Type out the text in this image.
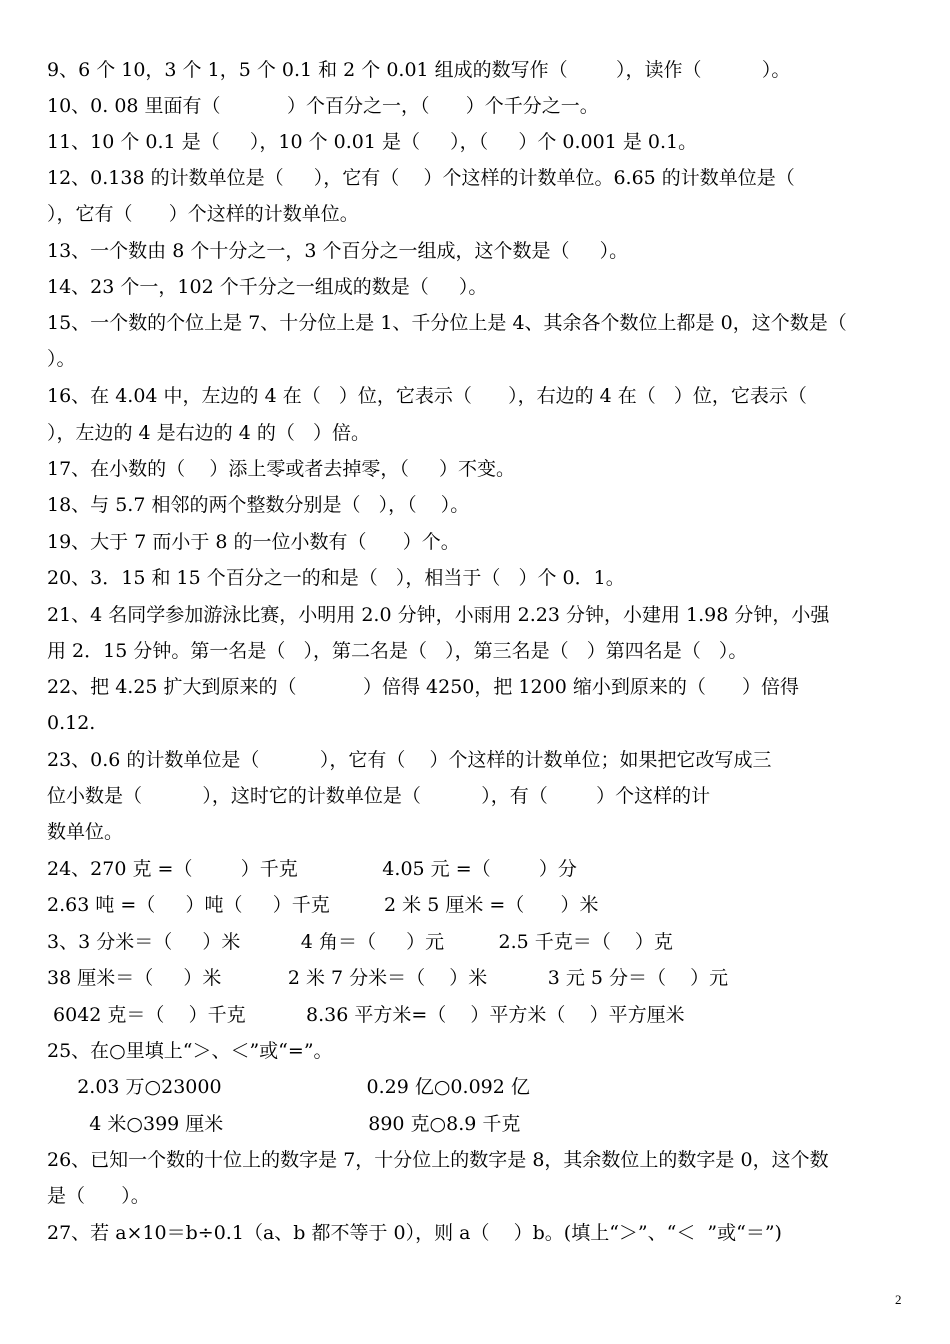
9、6 个 10，3 个 1，5 个 0.1 和 2 个 0.01 组成的数写作（        ），读作（          ）。
10、0. 08 里面有（           ）个百分之一，（      ）个千分之一。
11、10 个 0.1 是（     ），10 个 0.01 是（     ），（     ）个 0.001 是 0.1。
12、0.138 的计数单位是（     ），它有（    ）个这样的计数单位。6.65 的计数单位是（
），它有（      ）个这样的计数单位。
13、一个数由 8 个十分之一，3 个百分之一组成，这个数是（     ）。
14、23 个一，102 个千分之一组成的数是（     ）。
15、一个数的个位上是 7、十分位上是 1、千分位上是 4、其余各个数位上都是 0，这个数是（
）。
16、在 4.04 中，左边的 4 在（   ）位，它表示（      ），右边的 4 在（   ）位，它表示（
），左边的 4 是右边的 4 的（   ）倍。
17、在小数的（    ）添上零或者去掉零，（     ）不变。
18、与 5.7 相邻的两个整数分别是（   ），（    ）。
19、大于 7 而小于 8 的一位小数有（      ）个。
20、3．15 和 15 个百分之一的和是（   ），相当于（   ）个 0．1。
21、4 名同学参加游泳比赛，小明用 2.0 分钟，小雨用 2.23 分钟，小建用 1.98 分钟，小强
用 2．15 分钟。第一名是（   ），第二名是（   ），第三名是（   ）第四名是（   ）。
22、把 4.25 扩大到原来的（           ）倍得 4250，把 1200 缩小到原来的（      ）倍得
0.12.
23、0.6 的计数单位是（          ），它有（    ）个这样的计数单位；如果把它改写成三
位小数是（          ），这时它的计数单位是（          ），有（        ）个这样的计
数单位。
24、270 克 =（        ）千克              4.05 元 =（        ）分
2.63 吨 =（     ）吨（     ）千克         2 米 5 厘米 =（      ）米
3、3 分米＝（     ）米          4 角＝（     ）元         2.5 千克＝（    ）克
38 厘米＝（     ）米           2 米 7 分米＝（    ）米          3 元 5 分＝（    ）元
6042 克＝（    ）千克          8.36 平方米=（    ）平方米（    ）平方厘米
25、在○里填上“＞、＜”或“=”。
2.03 万○23000                        0.29 亿○0.092 亿
4 米○399 厘米                        890 克○8.9 千克
26、已知一个数的十位上的数字是 7，十分位上的数字是 8，其余数位上的数字是 0，这个数
是（      ）。
27、若 a×10＝b÷0.1（a、b 都不等于 0），则 a（    ）b。(填上“＞”、“＜  ”或“＝”)
2
